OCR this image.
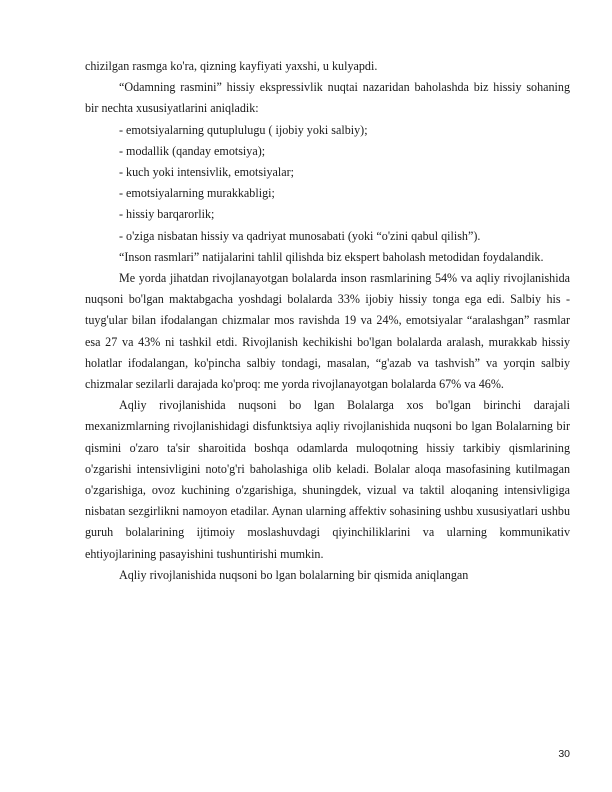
chizilgan rasmga ko'ra, qizning kayfiyati yaxshi, u kulyapdi.

“Odamning rasmini” hissiy ekspressivlik nuqtai nazaridan baholashda biz hissiy sohaning bir nechta xususiyatlarini aniqladik:

- emotsiyalarning qutuplulugu ( ijobiy yoki salbiy);

- modallik (qanday emotsiya);

- kuch yoki intensivlik, emotsiyalar;

- emotsiyalarning murakkabligi;

- hissiy barqarorlik;

- o'ziga nisbatan hissiy va qadriyat munosabati (yoki “o'zini qabul qilish”).

“Inson rasmlari” natijalarini tahlil qilishda biz ekspert baholash metodidan foydalandik.

Me yorda jihatdan rivojlanayotgan bolalarda inson rasmlarining 54% va aqliy rivojlanishida nuqsoni bo'lgan maktabgacha yoshdagi bolalarda 33% ijobiy hissiy tonga ega edi. Salbiy his - tuyg'ular bilan ifodalangan chizmalar mos ravishda 19 va 24%, emotsiyalar “aralashgan” rasmlar esa 27 va 43% ni tashkil etdi. Rivojlanish kechikishi bo'lgan bolalarda aralash, murakkab hissiy holatlar ifodalangan, ko'pincha salbiy tondagi, masalan, “g'azab va tashvish” va yorqin salbiy chizmalar sezilarli darajada ko'proq: me yorda rivojlanayotgan bolalarda 67% va 46%.

Aqliy rivojlanishida nuqsoni bo lgan Bolalarga xos bo'lgan birinchi darajali mexanizmlarning rivojlanishidagi disfunktsiya aqliy rivojlanishida nuqsoni bo lgan Bolalarning bir qismini o'zaro ta'sir sharoitida boshqa odamlarda muloqotning hissiy tarkibiy qismlarining o'zgarishi intensivligini noto'g'ri baholashiga olib keladi. Bolalar aloqa masofasining kutilmagan o'zgarishiga, ovoz kuchining o'zgarishiga, shuningdek, vizual va taktil aloqaning intensivligiga nisbatan sezgirlikni namoyon etadilar. Aynan ularning affektiv sohasining ushbu xususiyatlari ushbu guruh bolalarining ijtimoiy moslashuvdagi qiyinchiliklarini va ularning kommunikativ ehtiyojlarining pasayishini tushuntirishi mumkin.

Aqliy rivojlanishida nuqsoni bo lgan bolalarning bir qismida aniqlangan

30
